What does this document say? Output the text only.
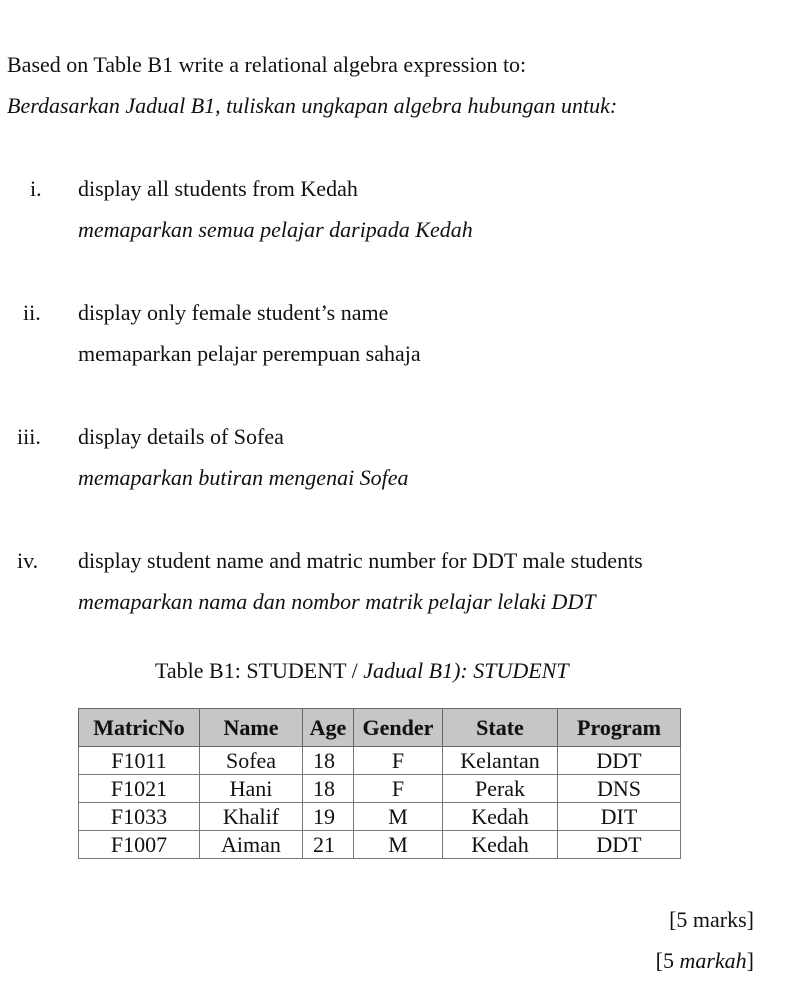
Based on Table B1 write a relational algebra expression to:
Berdasarkan Jadual B1, tuliskan ungkapan algebra hubungan untuk:
i.	display all students from Kedah
memaparkan semua pelajar daripada Kedah
ii.	display only female student’s name
memaparkan pelajar perempuan sahaja
iii.	display details of Sofea
memaparkan butiran mengenai Sofea
iv.	display student name and matric number for DDT male students
memaparkan nama dan nombor matrik pelajar lelaki DDT
Table B1: STUDENT / Jadual B1): STUDENT
MatricNo	Name	Age	Gender	State	Program
F1011	Sofea	18	F	Kelantan	DDT
F1021	Hani	18	F	Perak	DNS
F1033	Khalif	19	M	Kedah	DIT
F1007	Aiman	21	M	Kedah	DDT
[5 marks]
[5 markah]
